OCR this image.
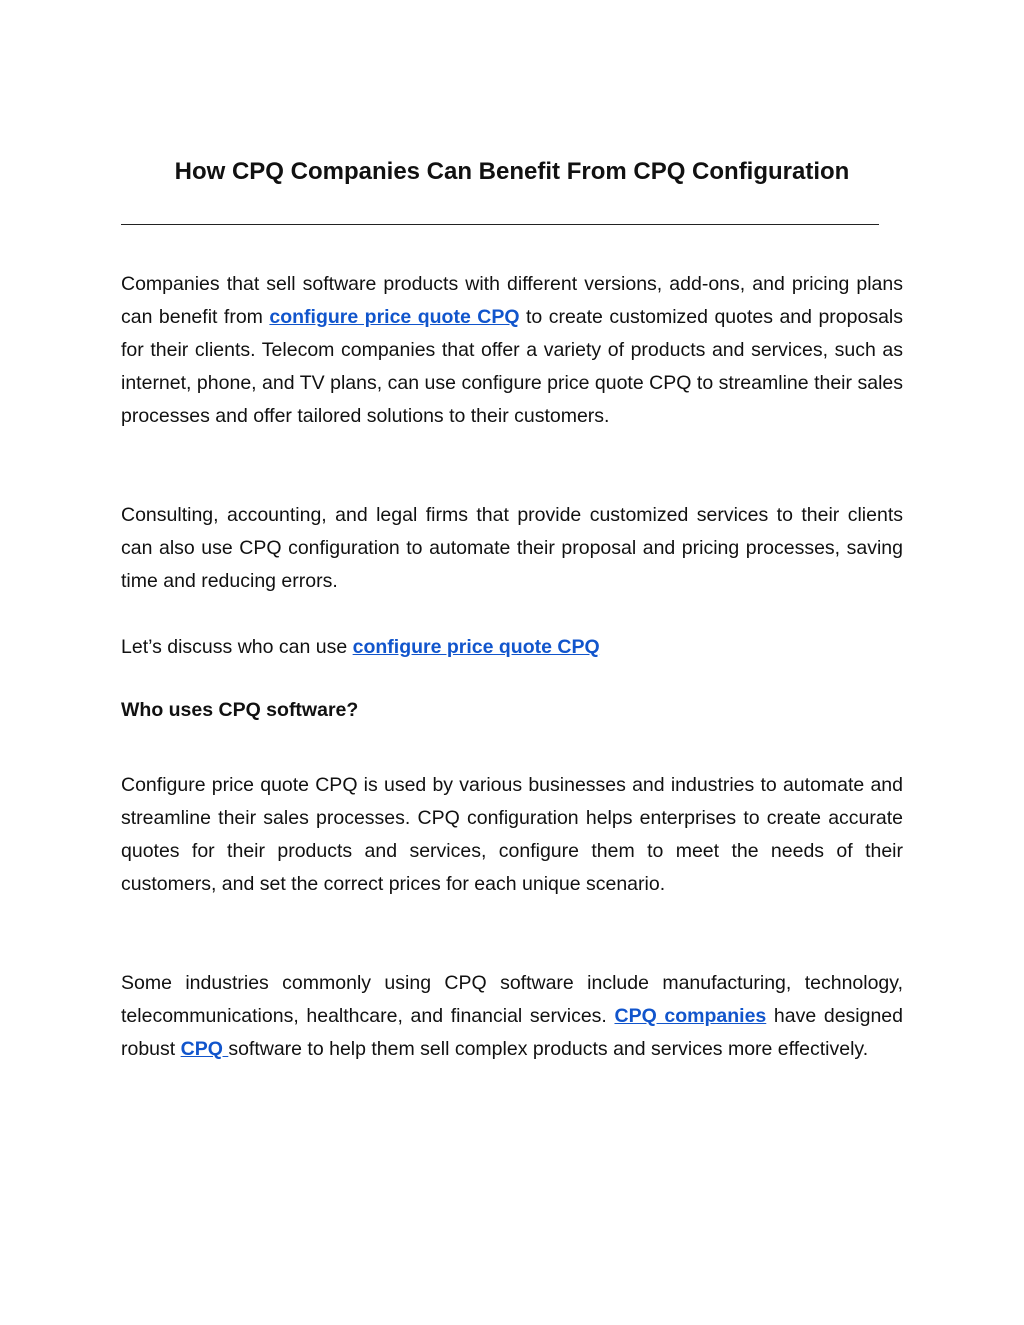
How CPQ Companies Can Benefit From CPQ Configuration

Companies that sell software products with different versions, add-ons, and pricing plans can benefit from configure price quote CPQ to create customized quotes and proposals for their clients. Telecom companies that offer a variety of products and services, such as internet, phone, and TV plans, can use configure price quote CPQ to streamline their sales processes and offer tailored solutions to their customers.

Consulting, accounting, and legal firms that provide customized services to their clients can also use CPQ configuration to automate their proposal and pricing processes, saving time and reducing errors.

Let’s discuss who can use configure price quote CPQ

Who uses CPQ software?

Configure price quote CPQ is used by various businesses and industries to automate and streamline their sales processes. CPQ configuration helps enterprises to create accurate quotes for their products and services, configure them to meet the needs of their customers, and set the correct prices for each unique scenario.

Some industries commonly using CPQ software include manufacturing, technology, telecommunications, healthcare, and financial services. CPQ companies have designed robust CPQ software to help them sell complex products and services more effectively.
